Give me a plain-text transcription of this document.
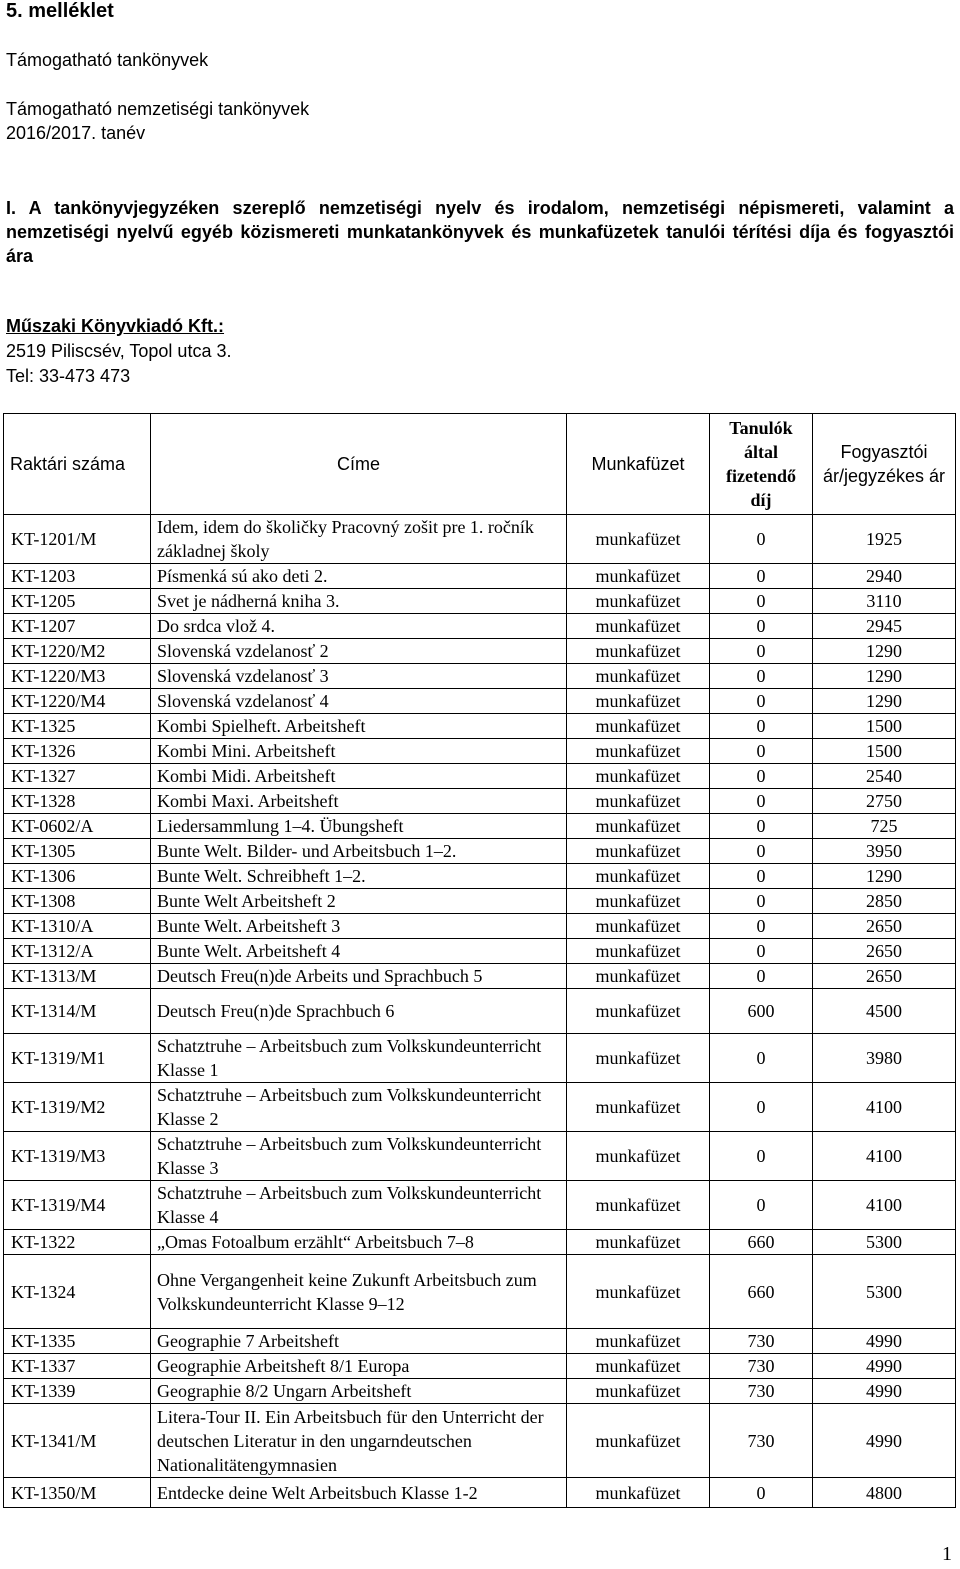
5. melléklet
Támogatható tankönyvek
Támogatható nemzetiségi tankönyvek
2016/2017. tanév
I. A tankönyvjegyzéken szereplő nemzetiségi nyelv és irodalom, nemzetiségi népismereti, valamint a nemzetiségi nyelvű egyéb közismereti munkatankönyvek és munkafüzetek tanulói térítési díja és fogyasztói ára
Műszaki Könyvkiadó Kft.:
2519 Piliscsév, Topol utca 3.
Tel: 33-473 473
Raktári száma	Címe	Munkafüzet	Tanulók által fizetendő díj	Fogyasztói ár/jegyzékes ár
KT-1201/M	Idem, idem do školičky Pracovný zošit pre 1. ročník základnej školy	munkafüzet	0	1925
KT-1203	Písmenká sú ako deti 2.	munkafüzet	0	2940
KT-1205	Svet je nádherná kniha 3.	munkafüzet	0	3110
KT-1207	Do srdca vlož 4.	munkafüzet	0	2945
KT-1220/M2	Slovenská vzdelanosť 2	munkafüzet	0	1290
KT-1220/M3	Slovenská vzdelanosť 3	munkafüzet	0	1290
KT-1220/M4	Slovenská vzdelanosť 4	munkafüzet	0	1290
KT-1325	Kombi Spielheft. Arbeitsheft	munkafüzet	0	1500
KT-1326	Kombi Mini. Arbeitsheft	munkafüzet	0	1500
KT-1327	Kombi Midi. Arbeitsheft	munkafüzet	0	2540
KT-1328	Kombi Maxi. Arbeitsheft	munkafüzet	0	2750
KT-0602/A	Liedersammlung 1–4. Übungsheft	munkafüzet	0	725
KT-1305	Bunte Welt. Bilder- und Arbeitsbuch 1–2.	munkafüzet	0	3950
KT-1306	Bunte Welt. Schreibheft 1–2.	munkafüzet	0	1290
KT-1308	Bunte Welt Arbeitsheft 2	munkafüzet	0	2850
KT-1310/A	Bunte Welt. Arbeitsheft 3	munkafüzet	0	2650
KT-1312/A	Bunte Welt. Arbeitsheft 4	munkafüzet	0	2650
KT-1313/M	Deutsch Freu(n)de Arbeits und Sprachbuch 5	munkafüzet	0	2650
KT-1314/M	Deutsch Freu(n)de Sprachbuch 6	munkafüzet	600	4500
KT-1319/M1	Schatztruhe – Arbeitsbuch zum Volkskundeunterricht Klasse 1	munkafüzet	0	3980
KT-1319/M2	Schatztruhe – Arbeitsbuch zum Volkskundeunterricht Klasse 2	munkafüzet	0	4100
KT-1319/M3	Schatztruhe – Arbeitsbuch zum Volkskundeunterricht Klasse 3	munkafüzet	0	4100
KT-1319/M4	Schatztruhe – Arbeitsbuch zum Volkskundeunterricht Klasse 4	munkafüzet	0	4100
KT-1322	„Omas Fotoalbum erzählt“ Arbeitsbuch 7–8	munkafüzet	660	5300
KT-1324	Ohne Vergangenheit keine Zukunft Arbeitsbuch zum Volkskundeunterricht Klasse 9–12	munkafüzet	660	5300
KT-1335	Geographie 7 Arbeitsheft	munkafüzet	730	4990
KT-1337	Geographie Arbeitsheft 8/1 Europa	munkafüzet	730	4990
KT-1339	Geographie 8/2 Ungarn Arbeitsheft	munkafüzet	730	4990
KT-1341/M	Litera-Tour II. Ein Arbeitsbuch für den Unterricht der deutschen Literatur in den ungarndeutschen Nationalitätengymnasien	munkafüzet	730	4990
KT-1350/M	Entdecke deine Welt Arbeitsbuch Klasse 1-2	munkafüzet	0	4800
1
